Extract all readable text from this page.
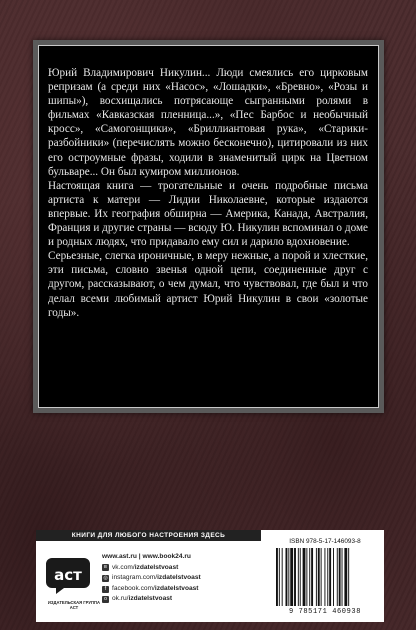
Юрий Владимирович Никулин... Люди смеялись его цирковым репризам (а среди них «Насос», «Лошадки», «Бревно», «Розы и шипы»), восхищались потрясающе сыгранными ролями в фильмах «Кавказская пленница...», «Пес Барбос и необычный кросс», «Самогонщики», «Бриллиантовая рука», «Старики-разбойники» (перечислять можно бесконечно), цитировали из них его остроумные фразы, ходили в знаменитый цирк на Цветном бульваре... Он был кумиром миллионов.

Настоящая книга — трогательные и очень подробные письма артиста к матери — Лидии Николаевне, которые издаются впервые. Их география обширна — Америка, Канада, Австралия, Франция и другие страны — всюду Ю. Никулин вспоминал о доме и родных людях, что придавало ему сил и дарило вдохновение.

Серьезные, слегка ироничные, в меру нежные, а порой и хлесткие, эти письма, словно звенья одной цепи, соединенные друг с другом, рассказывают, о чем думал, что чувствовал, где был и что делал всеми любимый артист Юрий Никулин в свои «золотые годы».

КНИГИ ДЛЯ ЛЮБОГО НАСТРОЕНИЯ ЗДЕСЬ
аст
ИЗДАТЕЛЬСКАЯ ГРУППА АСТ
www.ast.ru | www.book24.ru
в vk.com/ izdatelstvoast
◎ instagram.com/ izdatelstvoast
f facebook.com/ izdatelstvoast
о ok.ru/ izdatelstvoast
ISBN 978-5-17-146093-8
9 785171 460938
